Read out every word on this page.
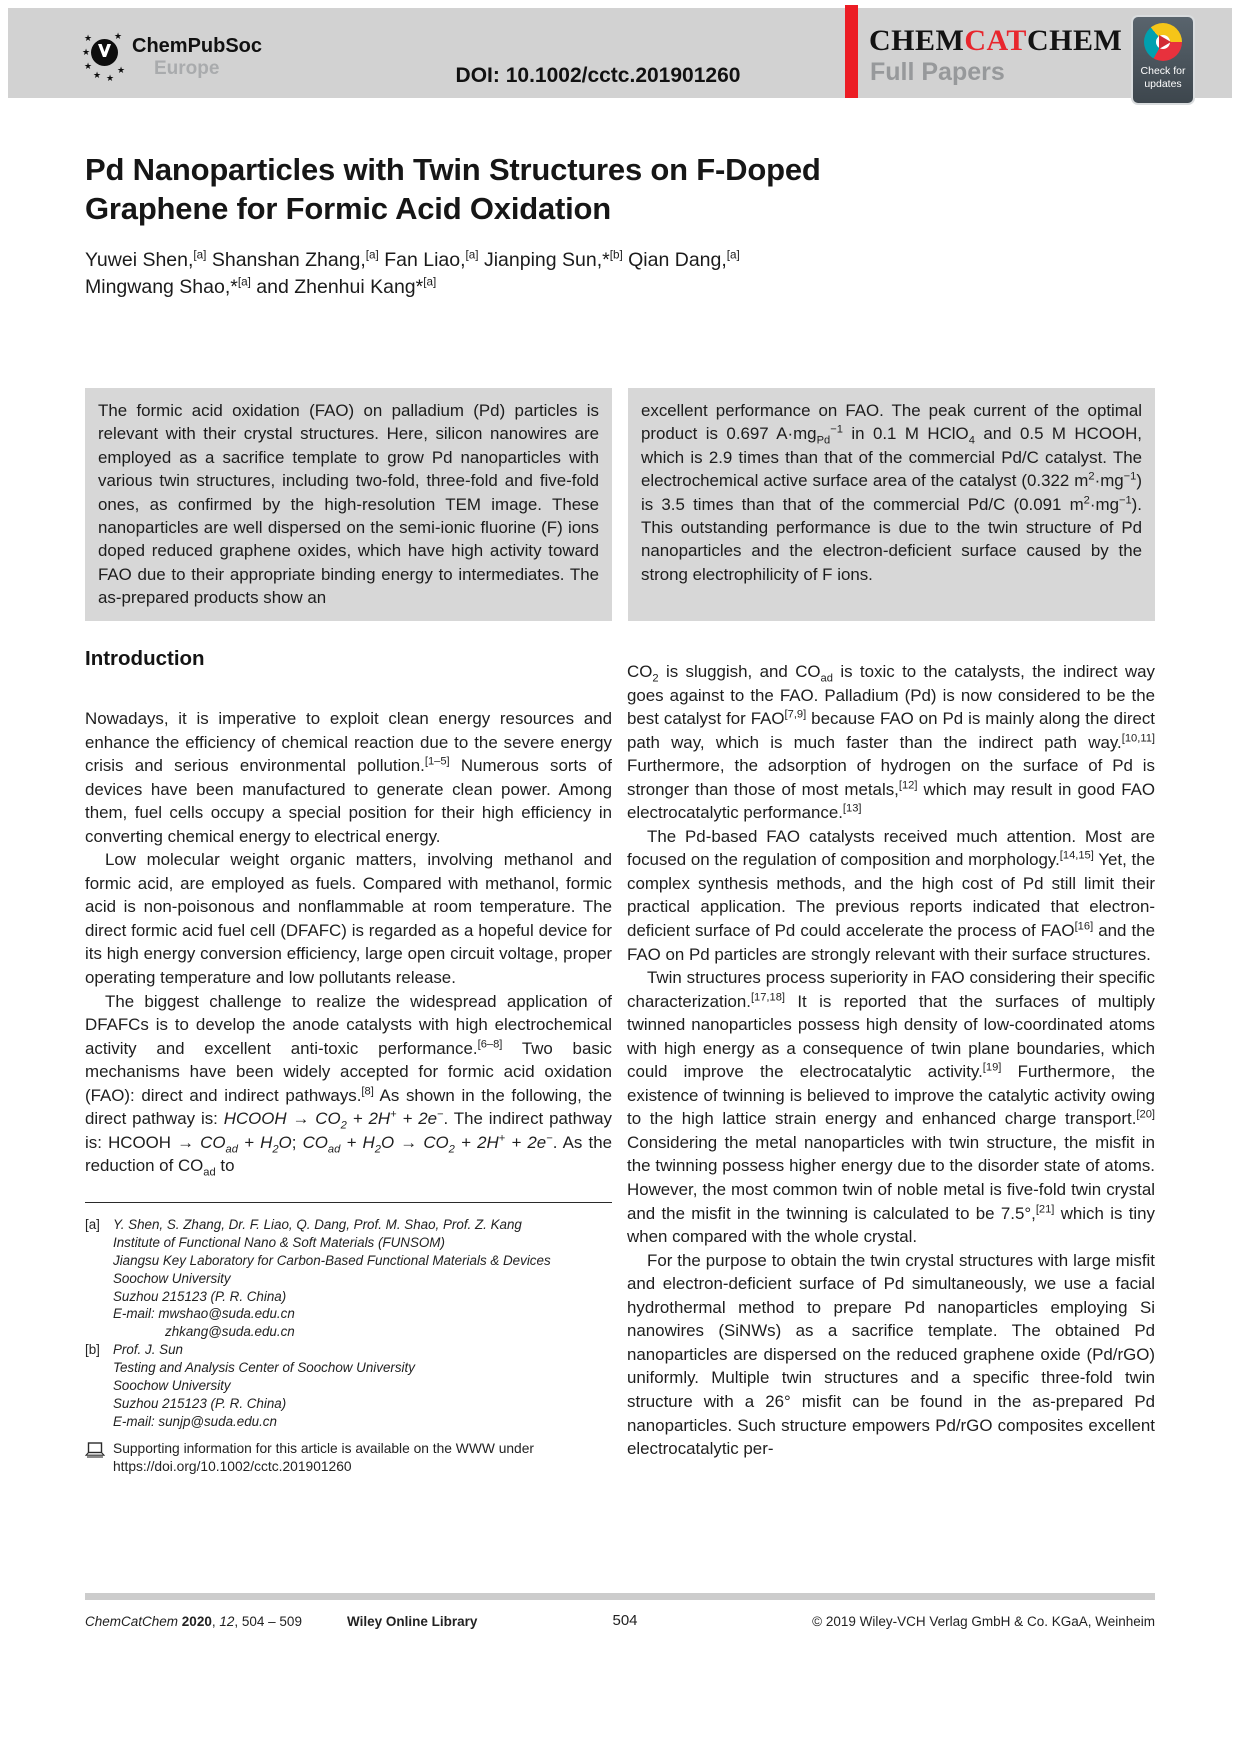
★
★
★
★ ★
★
★ ChemPubSoc
Europe	DOI: 10.1002/cctc.201901260
CHEMCATCHEM
Full Papers	Check for
updates
Pd Nanoparticles with Twin Structures on F-Doped
Graphene for Formic Acid Oxidation
Yuwei Shen,[a] Shanshan Zhang,[a] Fan Liao,[a] Jianping Sun,*[b] Qian Dang,[a]
Mingwang Shao,*[a] and Zhenhui Kang*[a]
The formic acid oxidation (FAO) on palladium (Pd) particles is relevant with their crystal structures. Here, silicon nanowires are employed as a sacrifice template to grow Pd nanoparticles with various twin structures, including two-fold, three-fold and five-fold ones, as confirmed by the high-resolution TEM image. These nanoparticles are well dispersed on the semi-ionic fluorine (F) ions doped reduced graphene oxides, which have high activity toward FAO due to their appropriate binding energy to intermediates. The as-prepared products show an
excellent performance on FAO. The peak current of the optimal product is 0.697 $A\cdot mg_{Pd}^{-1}$ in 0.1 M HClO$_4$ and 0.5 M HCOOH, which is 2.9 times than that of the commercial Pd/C catalyst. The electrochemical active surface area of the catalyst (0.322 $m^2\cdot mg^{-1}$) is 3.5 times than that of the commercial Pd/C (0.091 $m^2\cdot mg^{-1}$). This outstanding performance is due to the twin structure of Pd nanoparticles and the electron-deficient surface caused by the strong electrophilicity of F ions.
Introduction

Nowadays, it is imperative to exploit clean energy resources and enhance the efficiency of chemical reaction due to the severe energy crisis and serious environmental pollution.[1–5] Numerous sorts of devices have been manufactured to generate clean power. Among them, fuel cells occupy a special position for their high efficiency in converting chemical energy to electrical energy.

Low molecular weight organic matters, involving methanol and formic acid, are employed as fuels. Compared with methanol, formic acid is non-poisonous and nonflammable at room temperature. The direct formic acid fuel cell (DFAFC) is regarded as a hopeful device for its high energy conversion efficiency, large open circuit voltage, proper operating temperature and low pollutants release.

The biggest challenge to realize the widespread application of DFAFCs is to develop the anode catalysts with high electrochemical activity and excellent anti-toxic performance.[6–8] Two basic mechanisms have been widely accepted for formic acid oxidation (FAO): direct and indirect pathways.[8] As shown in the following, the direct pathway is: HCOOH → $CO_2 + 2H^+ + 2e^-$. The indirect pathway is: HCOOH → $CO_{ad} + H_2O$; $CO_{ad} + H_2O \to CO_2 + 2H^+ + 2e^-$. As the reduction of $CO_{ad}$ to

[a] Y. Shen, S. Zhang, Dr. F. Liao, Q. Dang, Prof. M. Shao, Prof. Z. Kang
Institute of Functional Nano & Soft Materials (FUNSOM)
Jiangsu Key Laboratory for Carbon-Based Functional Materials & Devices
Soochow University
Suzhou 215123 (P. R. China)
E-mail: mwshao@suda.edu.cn
zhkang@suda.edu.cn
[b] Prof. J. Sun
Testing and Analysis Center of Soochow University
Soochow University
Suzhou 215123 (P. R. China)
E-mail: sunjp@suda.edu.cn
Supporting information for this article is available on the WWW under
https://doi.org/10.1002/cctc.201901260

$CO_2$ is sluggish, and $CO_{ad}$ is toxic to the catalysts, the indirect way goes against to the FAO. Palladium (Pd) is now considered to be the best catalyst for FAO[7,9] because FAO on Pd is mainly along the direct path way, which is much faster than the indirect path way.[10,11] Furthermore, the adsorption of hydrogen on the surface of Pd is stronger than those of most metals,[12] which may result in good FAO electrocatalytic performance.[13]

The Pd-based FAO catalysts received much attention. Most are focused on the regulation of composition and morphology.[14,15] Yet, the complex synthesis methods, and the high cost of Pd still limit their practical application. The previous reports indicated that electron-deficient surface of Pd could accelerate the process of FAO[16] and the FAO on Pd particles are strongly relevant with their surface structures.

Twin structures process superiority in FAO considering their specific characterization.[17,18] It is reported that the surfaces of multiply twinned nanoparticles possess high density of low-coordinated atoms with high energy as a consequence of twin plane boundaries, which could improve the electrocatalytic activity.[19] Furthermore, the existence of twinning is believed to improve the catalytic activity owing to the high lattice strain energy and enhanced charge transport.[20] Considering the metal nanoparticles with twin structure, the misfit in the twinning possess higher energy due to the disorder state of atoms. However, the most common twin of noble metal is five-fold twin crystal and the misfit in the twinning is calculated to be 7.5°,[21] which is tiny when compared with the whole crystal.

For the purpose to obtain the twin crystal structures with large misfit and electron-deficient surface of Pd simultaneously, we use a facial hydrothermal method to prepare Pd nanoparticles employing Si nanowires (SiNWs) as a sacrifice template. The obtained Pd nanoparticles are dispersed on the reduced graphene oxide (Pd/rGO) uniformly. Multiple twin structures and a specific three-fold twin structure with a 26° misfit can be found in the as-prepared Pd nanoparticles. Such structure empowers Pd/rGO composites excellent electrocatalytic per-

ChemCatChem 2020, 12, 504 – 509	Wiley Online Library	504	© 2019 Wiley-VCH Verlag GmbH & Co. KGaA, Weinheim
